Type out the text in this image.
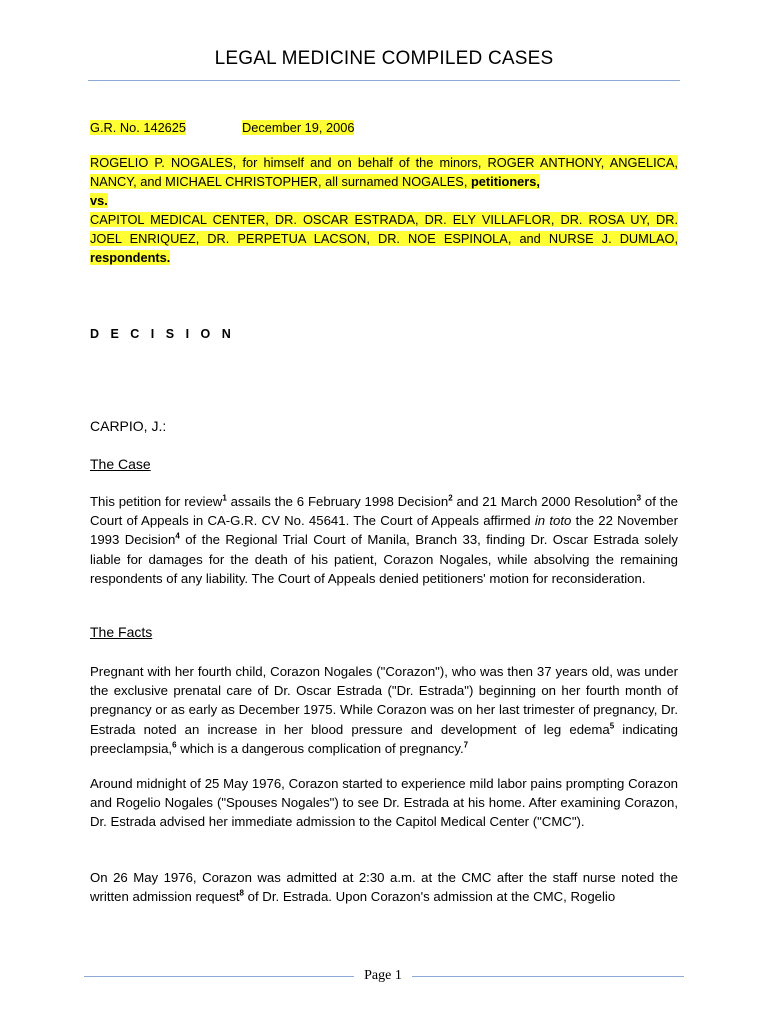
LEGAL MEDICINE COMPILED CASES

G.R. No. 142625	December 19, 2006

ROGELIO P. NOGALES, for himself and on behalf of the minors, ROGER ANTHONY, ANGELICA, NANCY, and MICHAEL CHRISTOPHER, all surnamed NOGALES, petitioners,
vs.
CAPITOL MEDICAL CENTER, DR. OSCAR ESTRADA, DR. ELY VILLAFLOR, DR. ROSA UY, DR. JOEL ENRIQUEZ, DR. PERPETUA LACSON, DR. NOE ESPINOLA, and NURSE J. DUMLAO, respondents.

D E C I S I O N
CARPIO, J.:
The Case

This petition for review$^1$ assails the 6 February 1998 Decision$^2$ and 21 March 2000 Resolution$^3$ of the Court of Appeals in CA-G.R. CV No. 45641. The Court of Appeals affirmed in toto the 22 November 1993 Decision$^4$ of the Regional Trial Court of Manila, Branch 33, finding Dr. Oscar Estrada solely liable for damages for the death of his patient, Corazon Nogales, while absolving the remaining respondents of any liability. The Court of Appeals denied petitioners' motion for reconsideration.

The Facts

Pregnant with her fourth child, Corazon Nogales ("Corazon"), who was then 37 years old, was under the exclusive prenatal care of Dr. Oscar Estrada ("Dr. Estrada") beginning on her fourth month of pregnancy or as early as December 1975. While Corazon was on her last trimester of pregnancy, Dr. Estrada noted an increase in her blood pressure and development of leg edema$^5$ indicating preeclampsia,$^6$ which is a dangerous complication of pregnancy.$^7$

Around midnight of 25 May 1976, Corazon started to experience mild labor pains prompting Corazon and Rogelio Nogales ("Spouses Nogales") to see Dr. Estrada at his home. After examining Corazon, Dr. Estrada advised her immediate admission to the Capitol Medical Center ("CMC").

On 26 May 1976, Corazon was admitted at 2:30 a.m. at the CMC after the staff nurse noted the written admission request$^8$ of Dr. Estrada. Upon Corazon's admission at the CMC, Rogelio

Page 1
